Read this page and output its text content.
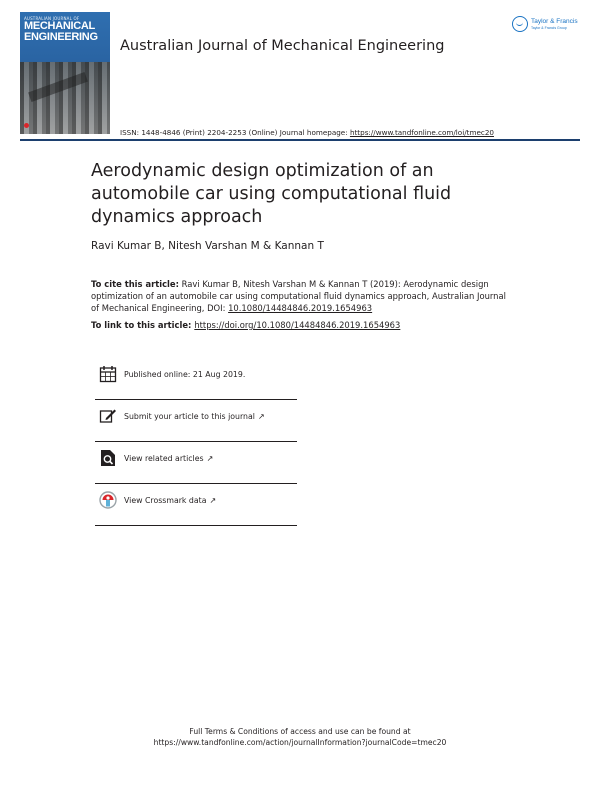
AUSTRALIAN JOURNAL OF
MECHANICAL
ENGINEERING
Australian Journal of Mechanical Engineering
Taylor & Francis
Taylor & Francis Group
ISSN: 1448-4846 (Print) 2204-2253 (Online) Journal homepage: https://www.tandfonline.com/loi/tmec20
Aerodynamic design optimization of an automobile car using computational fluid dynamics approach
Ravi Kumar B, Nitesh Varshan M & Kannan T
To cite this article: Ravi Kumar B, Nitesh Varshan M & Kannan T (2019): Aerodynamic design optimization of an automobile car using computational fluid dynamics approach, Australian Journal of Mechanical Engineering, DOI: 10.1080/14484846.2019.1654963
To link to this article: https://doi.org/10.1080/14484846.2019.1654963
Published online: 21 Aug 2019.
Submit your article to this journal ↗
View related articles ↗
View Crossmark data ↗
Full Terms & Conditions of access and use can be found at
https://www.tandfonline.com/action/journalInformation?journalCode=tmec20
